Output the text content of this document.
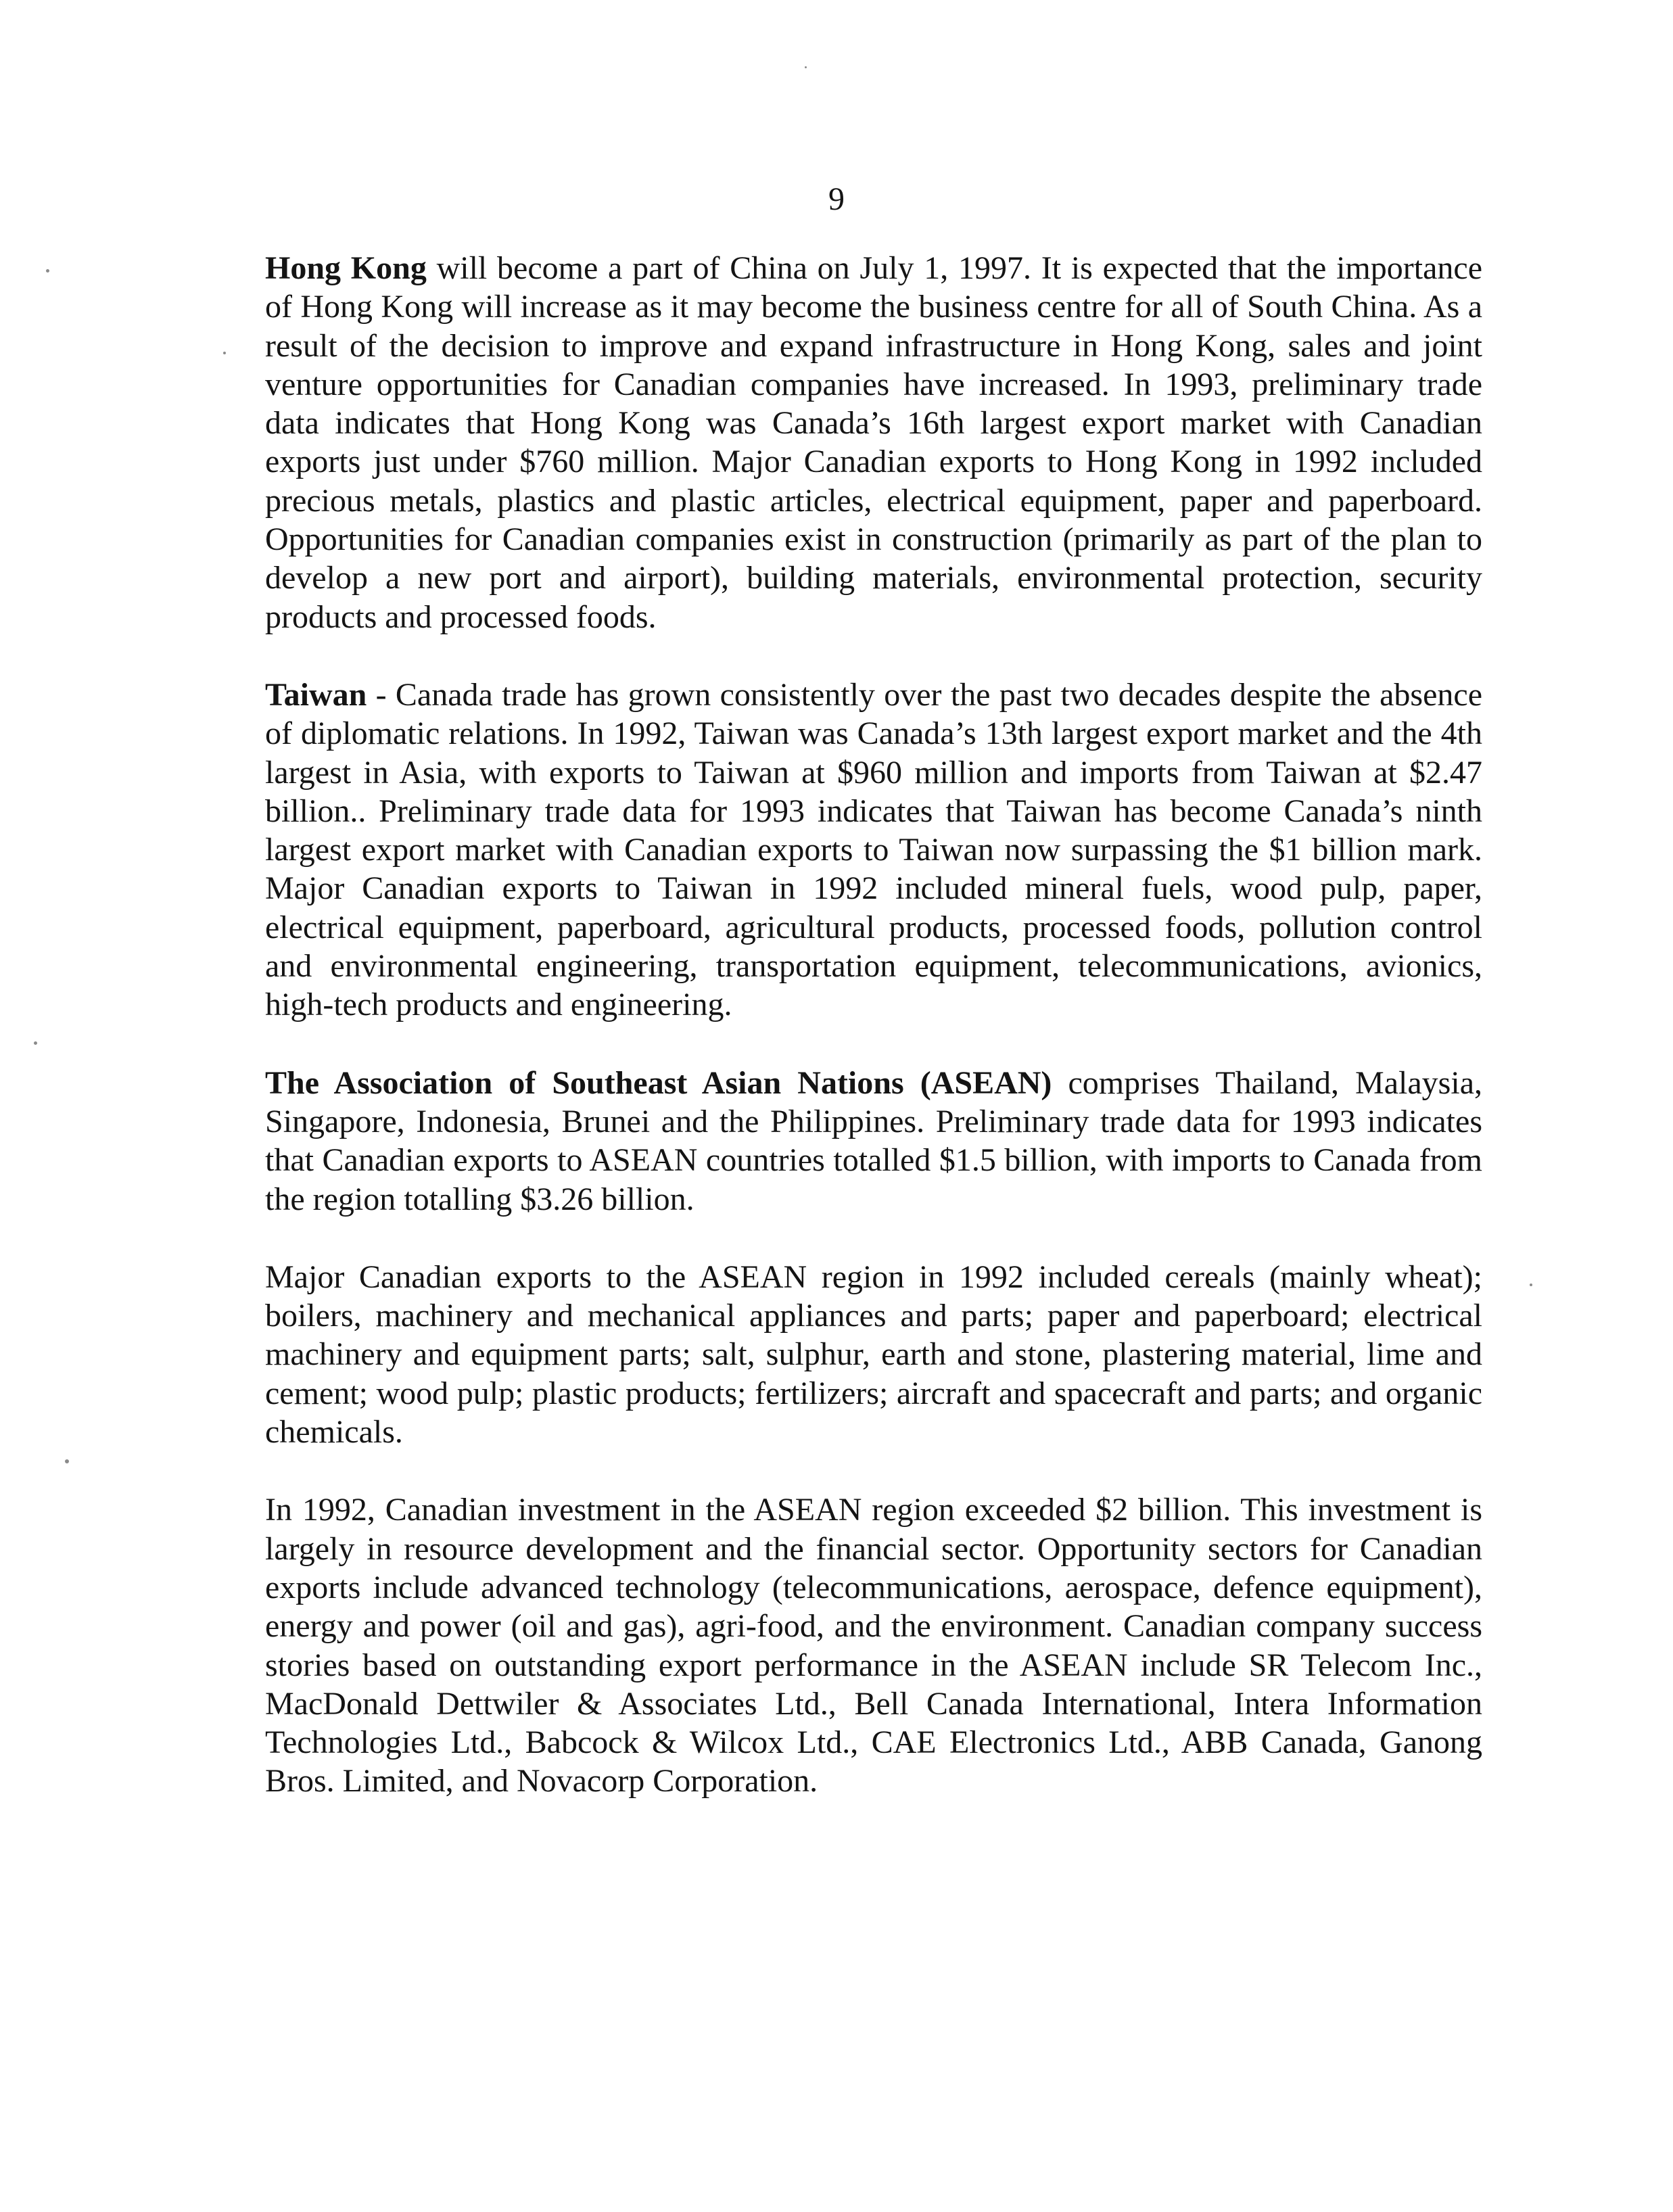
9

Hong Kong will become a part of China on July 1, 1997. It is expected that the importance of Hong Kong will increase as it may become the business centre for all of South China. As a result of the decision to improve and expand infrastructure in Hong Kong, sales and joint venture opportunities for Canadian companies have increased. In 1993, preliminary trade data indicates that Hong Kong was Canada’s 16th largest export market with Canadian exports just under $760 million. Major Canadian exports to Hong Kong in 1992 included precious metals, plastics and plastic articles, electrical equipment, paper and paperboard. Opportunities for Canadian companies exist in construction (primarily as part of the plan to develop a new port and airport), building materials, environmental protection, security products and processed foods.

Taiwan - Canada trade has grown consistently over the past two decades despite the absence of diplomatic relations. In 1992, Taiwan was Canada’s 13th largest export market and the 4th largest in Asia, with exports to Taiwan at $960 million and imports from Taiwan at $2.47 billion.. Preliminary trade data for 1993 indicates that Taiwan has become Canada’s ninth largest export market with Canadian exports to Taiwan now surpassing the $1 billion mark. Major Canadian exports to Taiwan in 1992 included mineral fuels, wood pulp, paper, electrical equipment, paperboard, agricultural products, processed foods, pollution control and environmental engineering, transportation equipment, telecommunications, avionics, high-tech products and engineering.

The Association of Southeast Asian Nations (ASEAN) comprises Thailand, Malaysia, Singapore, Indonesia, Brunei and the Philippines. Preliminary trade data for 1993 indicates that Canadian exports to ASEAN countries totalled $1.5 billion, with imports to Canada from the region totalling $3.26 billion.

Major Canadian exports to the ASEAN region in 1992 included cereals (mainly wheat); boilers, machinery and mechanical appliances and parts; paper and paperboard; electrical machinery and equipment parts; salt, sulphur, earth and stone, plastering material, lime and cement; wood pulp; plastic products; fertilizers; aircraft and spacecraft and parts; and organic chemicals.

In 1992, Canadian investment in the ASEAN region exceeded $2 billion. This investment is largely in resource development and the financial sector. Opportunity sectors for Canadian exports include advanced technology (telecommunications, aerospace, defence equipment), energy and power (oil and gas), agri-food, and the environment. Canadian company success stories based on outstanding export performance in the ASEAN include SR Telecom Inc., MacDonald Dettwiler & Associates Ltd., Bell Canada International, Intera Information Technologies Ltd., Babcock & Wilcox Ltd., CAE Electronics Ltd., ABB Canada, Ganong Bros. Limited, and Novacorp Corporation.
